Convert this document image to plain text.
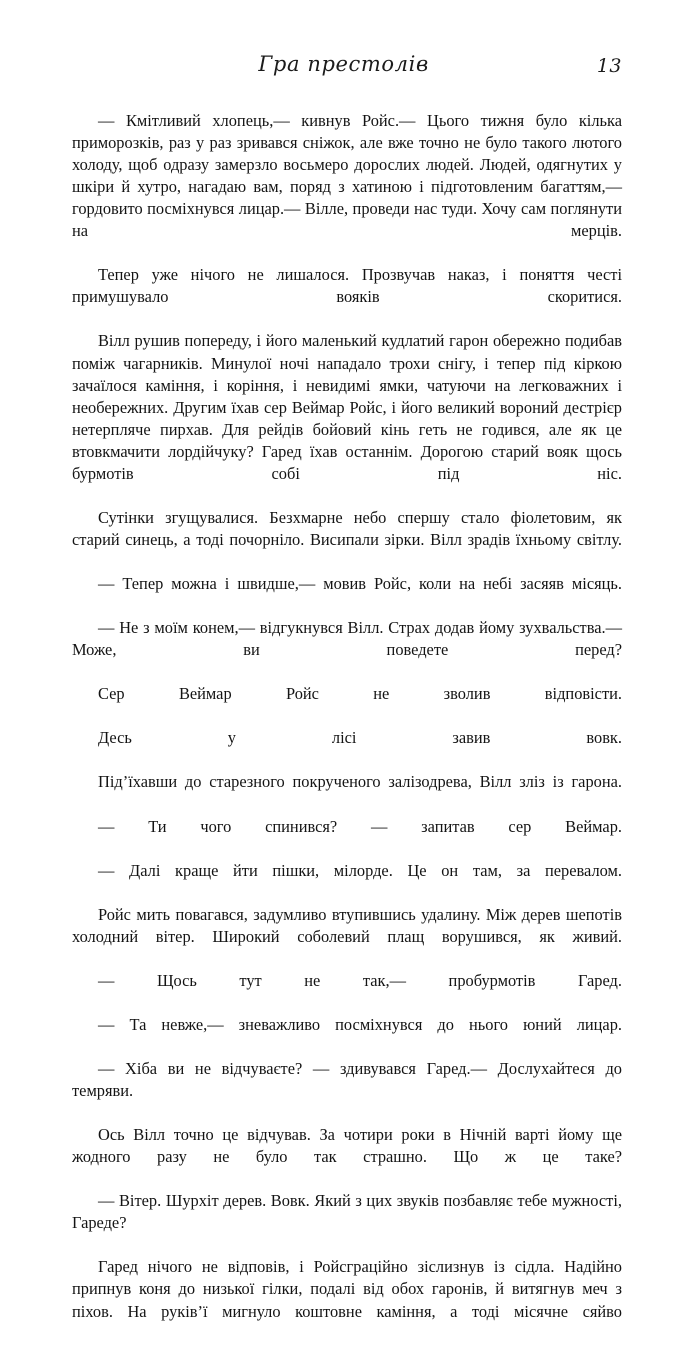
Гра престолів	13

— Кмітливий хлопець,— кивнув Ройс.— Цього тижня було кілька приморозків, раз у раз зривався сніжок, але вже точно не було такого лютого холоду, щоб одразу замерзло восьмеро дорослих людей. Людей, одягнутих у шкіри й хутро, нагадаю вам, поряд з хатиною і підготовленим багаттям,— гордовито посміхнувся лицар.— Вілле, проведи нас туди. Хочу сам поглянути на мерців.

Тепер уже нічого не лишалося. Прозвучав наказ, і поняття честі примушувало вояків скоритися.

Вілл рушив попереду, і його маленький кудлатий гарон обережно подибав поміж чагарників. Минулої ночі нападало трохи снігу, і тепер під кіркою зачаїлося каміння, і коріння, і невидимі ямки, чатуючи на легковажних і необережних. Другим їхав сер Веймар Ройс, і його великий вороний дестрієр нетерпляче пирхав. Для рейдів бойовий кінь геть не годився, але як це втовкмачити лордійчуку? Гаред їхав останнім. Дорогою старий вояк щось бурмотів собі під ніс.

Сутінки згущувалися. Безхмарне небо спершу стало фіолетовим, як старий синець, а тоді почорніло. Висипали зірки. Вілл зрадів їхньому світлу.

— Тепер можна і швидше,— мовив Ройс, коли на небі засяяв місяць.

— Не з моїм конем,— відгукнувся Вілл. Страх додав йому зухвальства.— Може, ви поведете перед?

Сер Веймар Ройс не зволив відповісти.

Десь у лісі завив вовк.

Під’їхавши до старезного покрученого залізодрева, Вілл зліз із гарона.

— Ти чого спинився? — запитав сер Веймар.

— Далі краще йти пішки, мілорде. Це он там, за перевалом.

Ройс мить повагався, задумливо втупившись удалину. Між дерев шепотів холодний вітер. Широкий соболевий плащ ворушився, як живий.

— Щось тут не так,— пробурмотів Гаред.

— Та невже,— зневажливо посміхнувся до нього юний лицар.

— Хіба ви не відчуваєте? — здивувався Гаред.— Дослухайтеся до темряви.

Ось Вілл точно це відчував. За чотири роки в Нічній варті йому ще жодного разу не було так страшно. Що ж це таке?

— Вітер. Шурхіт дерев. Вовк. Який з цих звуків позбавляє тебе мужності, Гареде?

Гаред нічого не відповів, і Ройсграційно зіслизнув із сідла. Надійно припнув коня до низької гілки, подалі від обох гаронів, й витягнув меч з піхов. На руків’ї мигнуло коштовне каміння, а тоді місячне сяйво
